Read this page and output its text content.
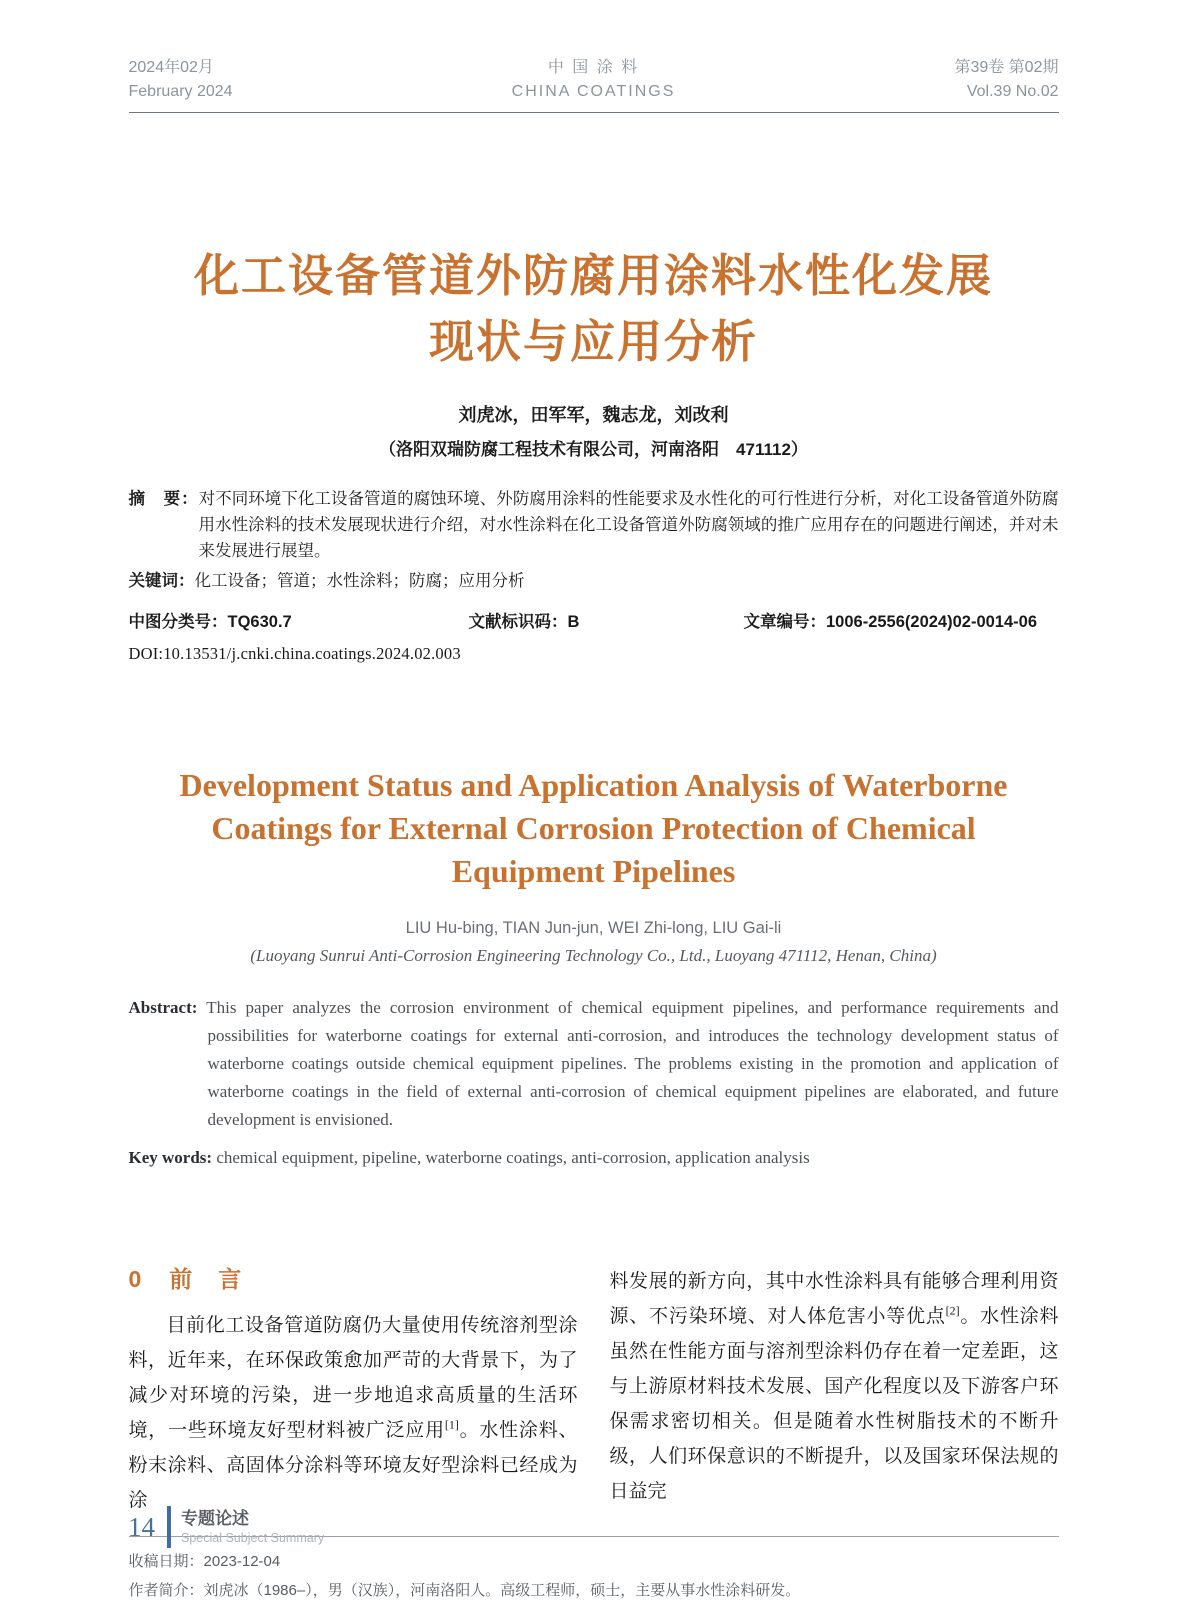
2024年02月
February 2024
中 国 涂 料
CHINA COATINGS
第39卷 第02期
Vol.39 No.02
化工设备管道外防腐用涂料水性化发展
现状与应用分析
刘虎冰，田军军，魏志龙，刘改利
（洛阳双瑞防腐工程技术有限公司，河南洛阳　471112）
摘　要：对不同环境下化工设备管道的腐蚀环境、外防腐用涂料的性能要求及水性化的可行性进行分析，对化工设备管道外防腐用水性涂料的技术发展现状进行介绍，对水性涂料在化工设备管道外防腐领域的推广应用存在的问题进行阐述，并对未来发展进行展望。
关键词：化工设备；管道；水性涂料；防腐；应用分析
中图分类号：TQ630.7	文献标识码：B	文章编号：1006-2556(2024)02-0014-06
DOI:10.13531/j.cnki.china.coatings.2024.02.003
Development Status and Application Analysis of Waterborne
Coatings for External Corrosion Protection of Chemical
Equipment Pipelines
LIU Hu-bing, TIAN Jun-jun, WEI Zhi-long, LIU Gai-li
(Luoyang Sunrui Anti-Corrosion Engineering Technology Co., Ltd., Luoyang 471112, Henan, China)
Abstract: This paper analyzes the corrosion environment of chemical equipment pipelines, and performance requirements and possibilities for waterborne coatings for external anti-corrosion, and introduces the technology development status of waterborne coatings outside chemical equipment pipelines. The problems existing in the promotion and application of waterborne coatings in the field of external anti-corrosion of chemical equipment pipelines are elaborated, and future development is envisioned.
Key words: chemical equipment, pipeline, waterborne coatings, anti-corrosion, application analysis
0 前言
目前化工设备管道防腐仍大量使用传统溶剂型涂料，近年来，在环保政策愈加严苛的大背景下，为了减少对环境的污染，进一步地追求高质量的生活环境，一些环境友好型材料被广泛应用[1]。水性涂料、粉末涂料、高固体分涂料等环境友好型涂料已经成为涂
料发展的新方向，其中水性涂料具有能够合理利用资源、不污染环境、对人体危害小等优点[2]。水性涂料虽然在性能方面与溶剂型涂料仍存在着一定差距，这与上游原材料技术发展、国产化程度以及下游客户环保需求密切相关。但是随着水性树脂技术的不断升级，人们环保意识的不断提升，以及国家环保法规的日益完
收稿日期：2023-12-04
作者简介：刘虎冰（1986–），男（汉族），河南洛阳人。高级工程师，硕士，主要从事水性涂料研发。
14 专题论述
Special Subject Summary
